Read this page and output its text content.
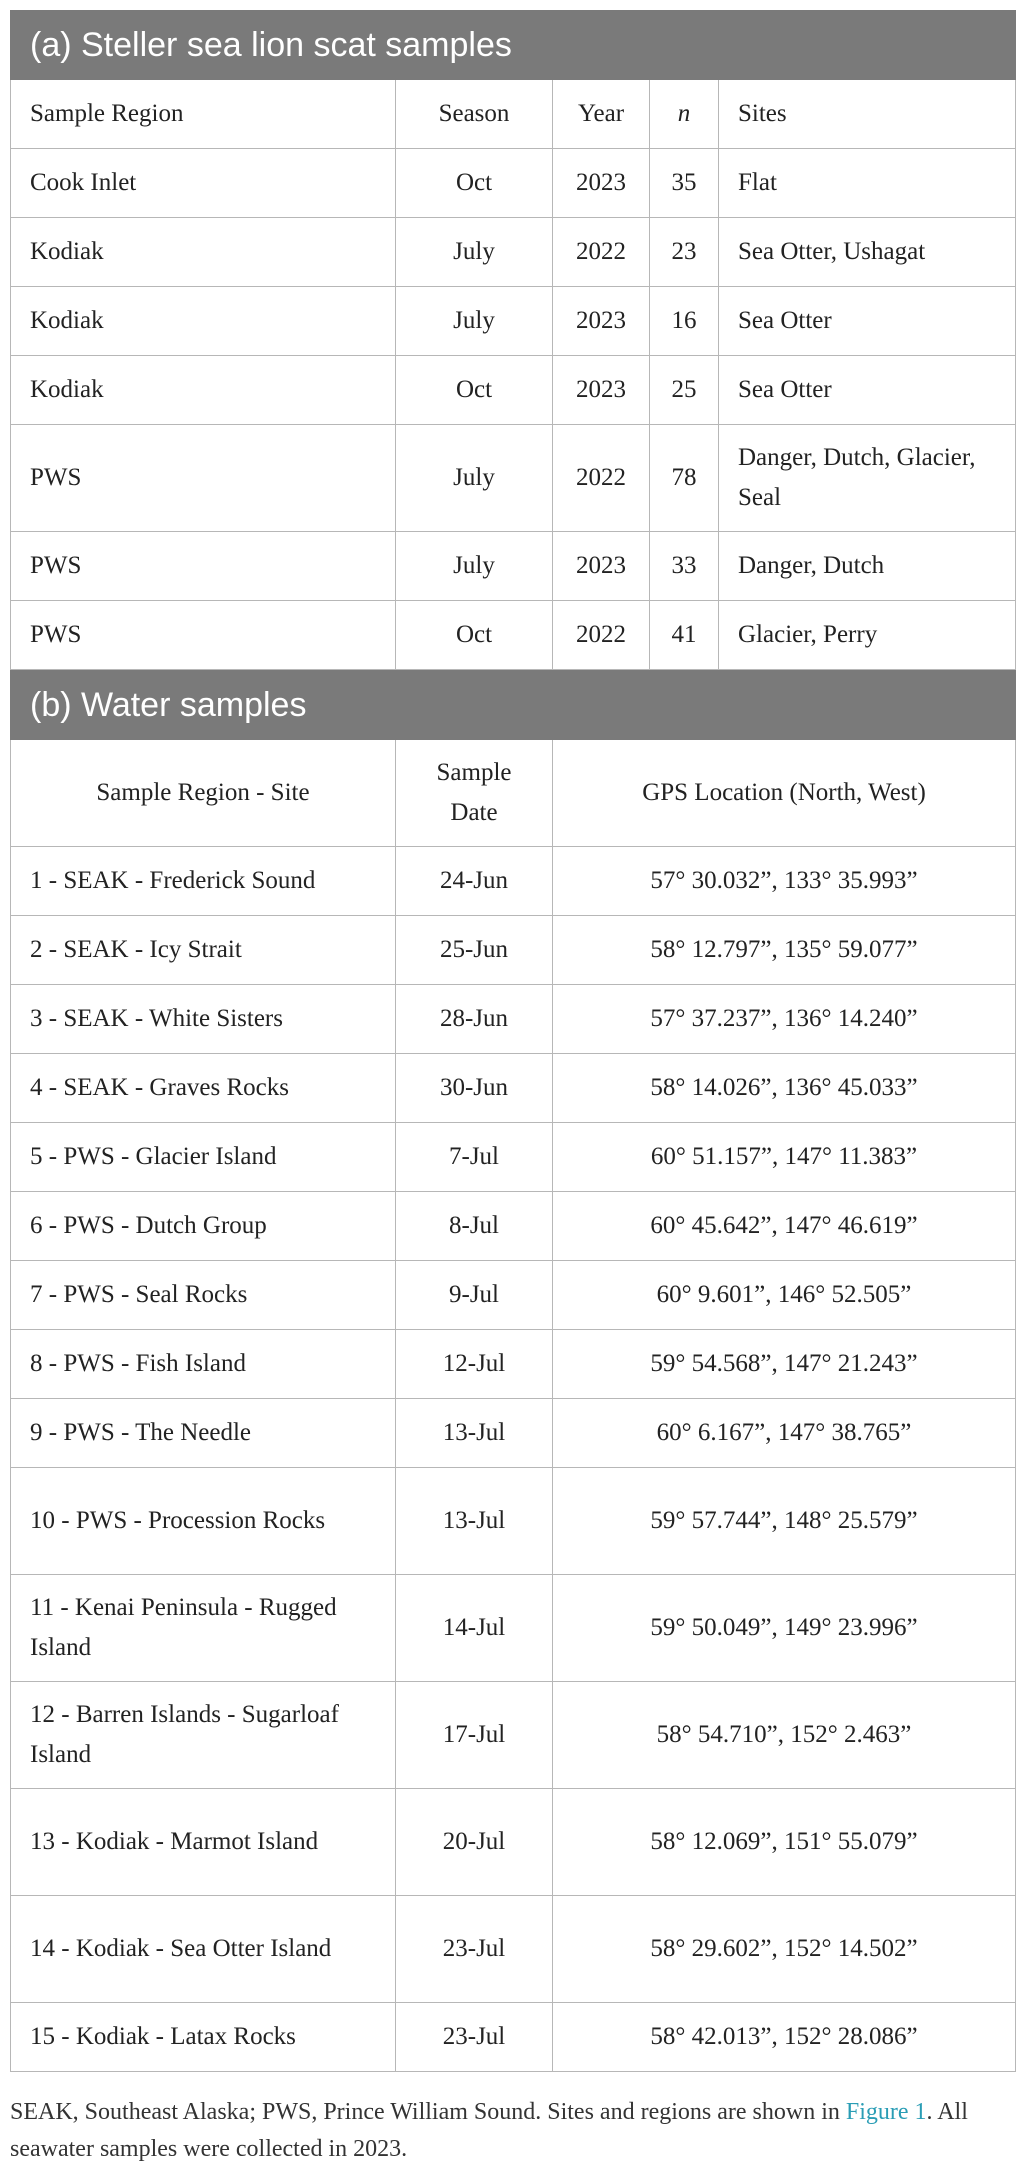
(a) Steller sea lion scat samples				
Sample Region	Season	Year	n	Sites
Cook Inlet	Oct	2023	35	Flat
Kodiak	July	2022	23	Sea Otter, Ushagat
Kodiak	July	2023	16	Sea Otter
Kodiak	Oct	2023	25	Sea Otter
PWS	July	2022	78	Danger, Dutch, Glacier, Seal
PWS	July	2023	33	Danger, Dutch
PWS	Oct	2022	41	Glacier, Perry
(b) Water samples		
Sample Region - Site	Sample Date	GPS Location (North, West)
1 - SEAK - Frederick Sound	24-Jun	57° 30.032”, 133° 35.993”
2 - SEAK - Icy Strait	25-Jun	58° 12.797”, 135° 59.077”
3 - SEAK - White Sisters	28-Jun	57° 37.237”, 136° 14.240”
4 - SEAK - Graves Rocks	30-Jun	58° 14.026”, 136° 45.033”
5 - PWS - Glacier Island	7-Jul	60° 51.157”, 147° 11.383”
6 - PWS - Dutch Group	8-Jul	60° 45.642”, 147° 46.619”
7 - PWS - Seal Rocks	9-Jul	60° 9.601”, 146° 52.505”
8 - PWS - Fish Island	12-Jul	59° 54.568”, 147° 21.243”
9 - PWS - The Needle	13-Jul	60° 6.167”, 147° 38.765”
10 - PWS - Procession Rocks	13-Jul	59° 57.744”, 148° 25.579”
11 - Kenai Peninsula - Rugged Island	14-Jul	59° 50.049”, 149° 23.996”
12 - Barren Islands - Sugarloaf Island	17-Jul	58° 54.710”, 152° 2.463”
13 - Kodiak - Marmot Island	20-Jul	58° 12.069”, 151° 55.079”
14 - Kodiak - Sea Otter Island	23-Jul	58° 29.602”, 152° 14.502”
15 - Kodiak - Latax Rocks	23-Jul	58° 42.013”, 152° 28.086”
SEAK, Southeast Alaska; PWS, Prince William Sound. Sites and regions are shown in Figure 1. All seawater samples were collected in 2023.
